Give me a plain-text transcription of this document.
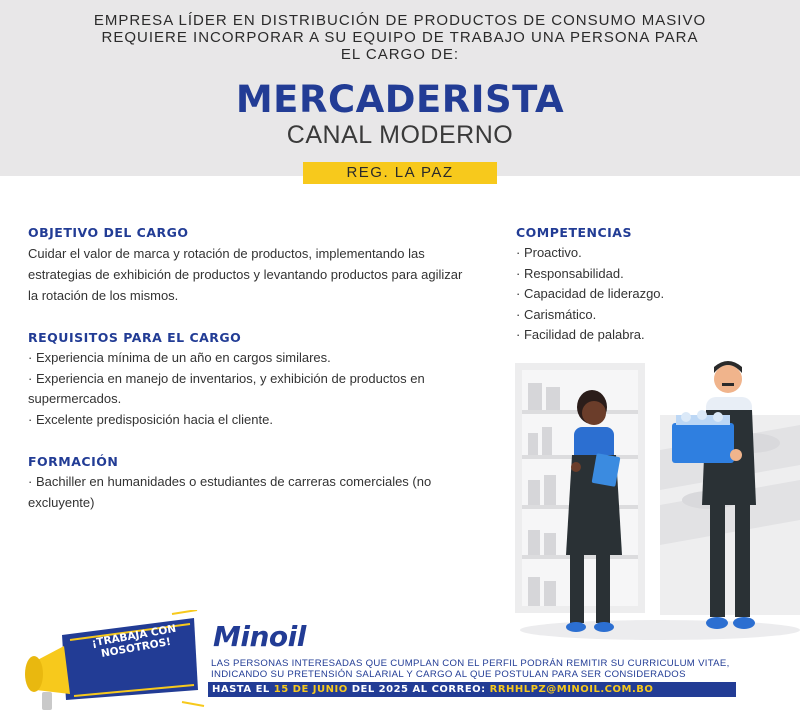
EMPRESA LÍDER EN DISTRIBUCIÓN DE PRODUCTOS DE CONSUMO MASIVO REQUIERE INCORPORAR A SU EQUIPO DE TRABAJO UNA PERSONA PARA EL CARGO DE:
MERCADERISTA
CANAL MODERNO
REG. LA PAZ
OBJETIVO DEL CARGO
Cuidar el valor de marca y rotación de productos, implementando las estrategias de exhibición de productos y levantando productos para agilizar la rotación de los mismos.
REQUISITOS PARA EL CARGO
· Experiencia mínima de un año en cargos similares.
· Experiencia en manejo de inventarios, y exhibición de productos en supermercados.
· Excelente predisposición hacia el cliente.
FORMACIÓN
· Bachiller en humanidades o estudiantes de carreras comerciales (no excluyente)
COMPETENCIAS
· Proactivo.
· Responsabilidad.
· Capacidad de liderazgo.
· Carismático.
· Facilidad de palabra.
¡TRABAJA CON NOSOTROS!	Minoil
LAS PERSONAS INTERESADAS QUE CUMPLAN CON EL PERFIL PODRÁN REMITIR SU CURRICULUM VITAE, INDICANDO SU PRETENSIÓN SALARIAL Y CARGO AL QUE POSTULAN PARA SER CONSIDERADOS
HASTA EL 15 DE JUNIO DEL 2025 AL CORREO: RRHHLPZ@MINOIL.COM.BO
